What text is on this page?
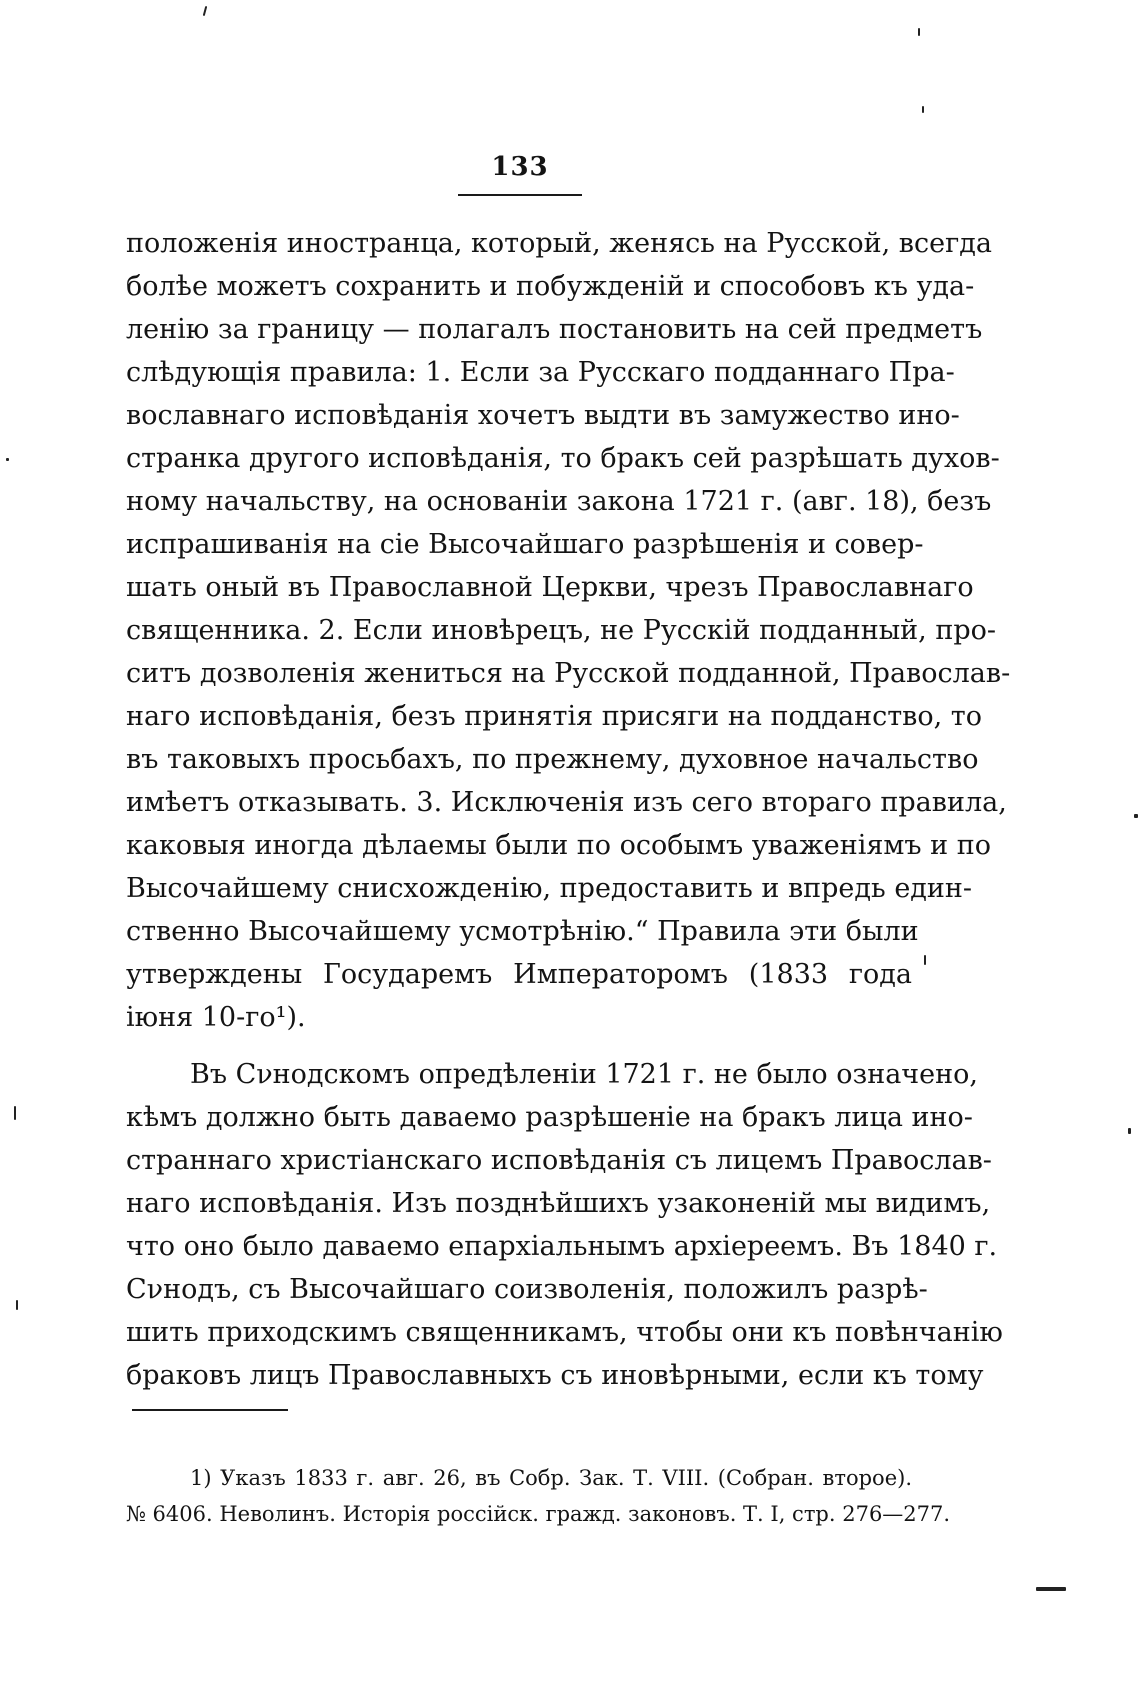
133
положенія иностранца, который, женясь на Русской, всегда
болѣе можетъ сохранить и побужденій и способовъ къ уда-
ленію за границу — полагалъ постановить на сей предметъ
слѣдующія правила: 1. Если за Русскаго подданнаго Пра-
вославнаго исповѣданія хочетъ выдти въ замужество ино-
странка другого исповѣданія, то бракъ сей разрѣшать духов-
ному начальству, на основаніи закона 1721 г. (авг. 18), безъ
испрашиванія на сіе Высочайшаго разрѣшенія и совер-
шать оный въ Православной Церкви, чрезъ Православнаго
священника. 2. Если иновѣрецъ, не Русскій подданный, про-
ситъ дозволенія жениться на Русской подданной, Православ-
наго исповѣданія, безъ принятія присяги на подданство, то
въ таковыхъ просьбахъ, по прежнему, духовное начальство
имѣетъ отказывать. 3. Исключенія изъ сего втораго правила,
каковыя иногда дѣлаемы были по особымъ уваженіямъ и по
Высочайшему снисхожденію, предоставить и впредь един-
ственно Высочайшему усмотрѣнію.“ Правила эти были
утверждены Государемъ Императоромъ (1833 года
іюня 10-го¹).
Въ Сνнодскомъ опредѣленіи 1721 г. не было означено,
кѣмъ должно быть даваемо разрѣшеніе на бракъ лица ино-
страннаго христіанскаго исповѣданія съ лицемъ Православ-
наго исповѣданія. Изъ позднѣйшихъ узаконеній мы видимъ,
что оно было даваемо епархіальнымъ архіереемъ. Въ 1840 г.
Сνнодъ, съ Высочайшаго соизволенія, положилъ разрѣ-
шить приходскимъ священникамъ, чтобы они къ повѣнчанію
браковъ лицъ Православныхъ съ иновѣрными, если къ тому
1) Указъ 1833 г. авг. 26, въ Собр. Зак. Т. VIII. (Собран. второе).
№ 6406. Неволинъ. Исторія россійск. гражд. законовъ. Т. I, стр. 276—277.
